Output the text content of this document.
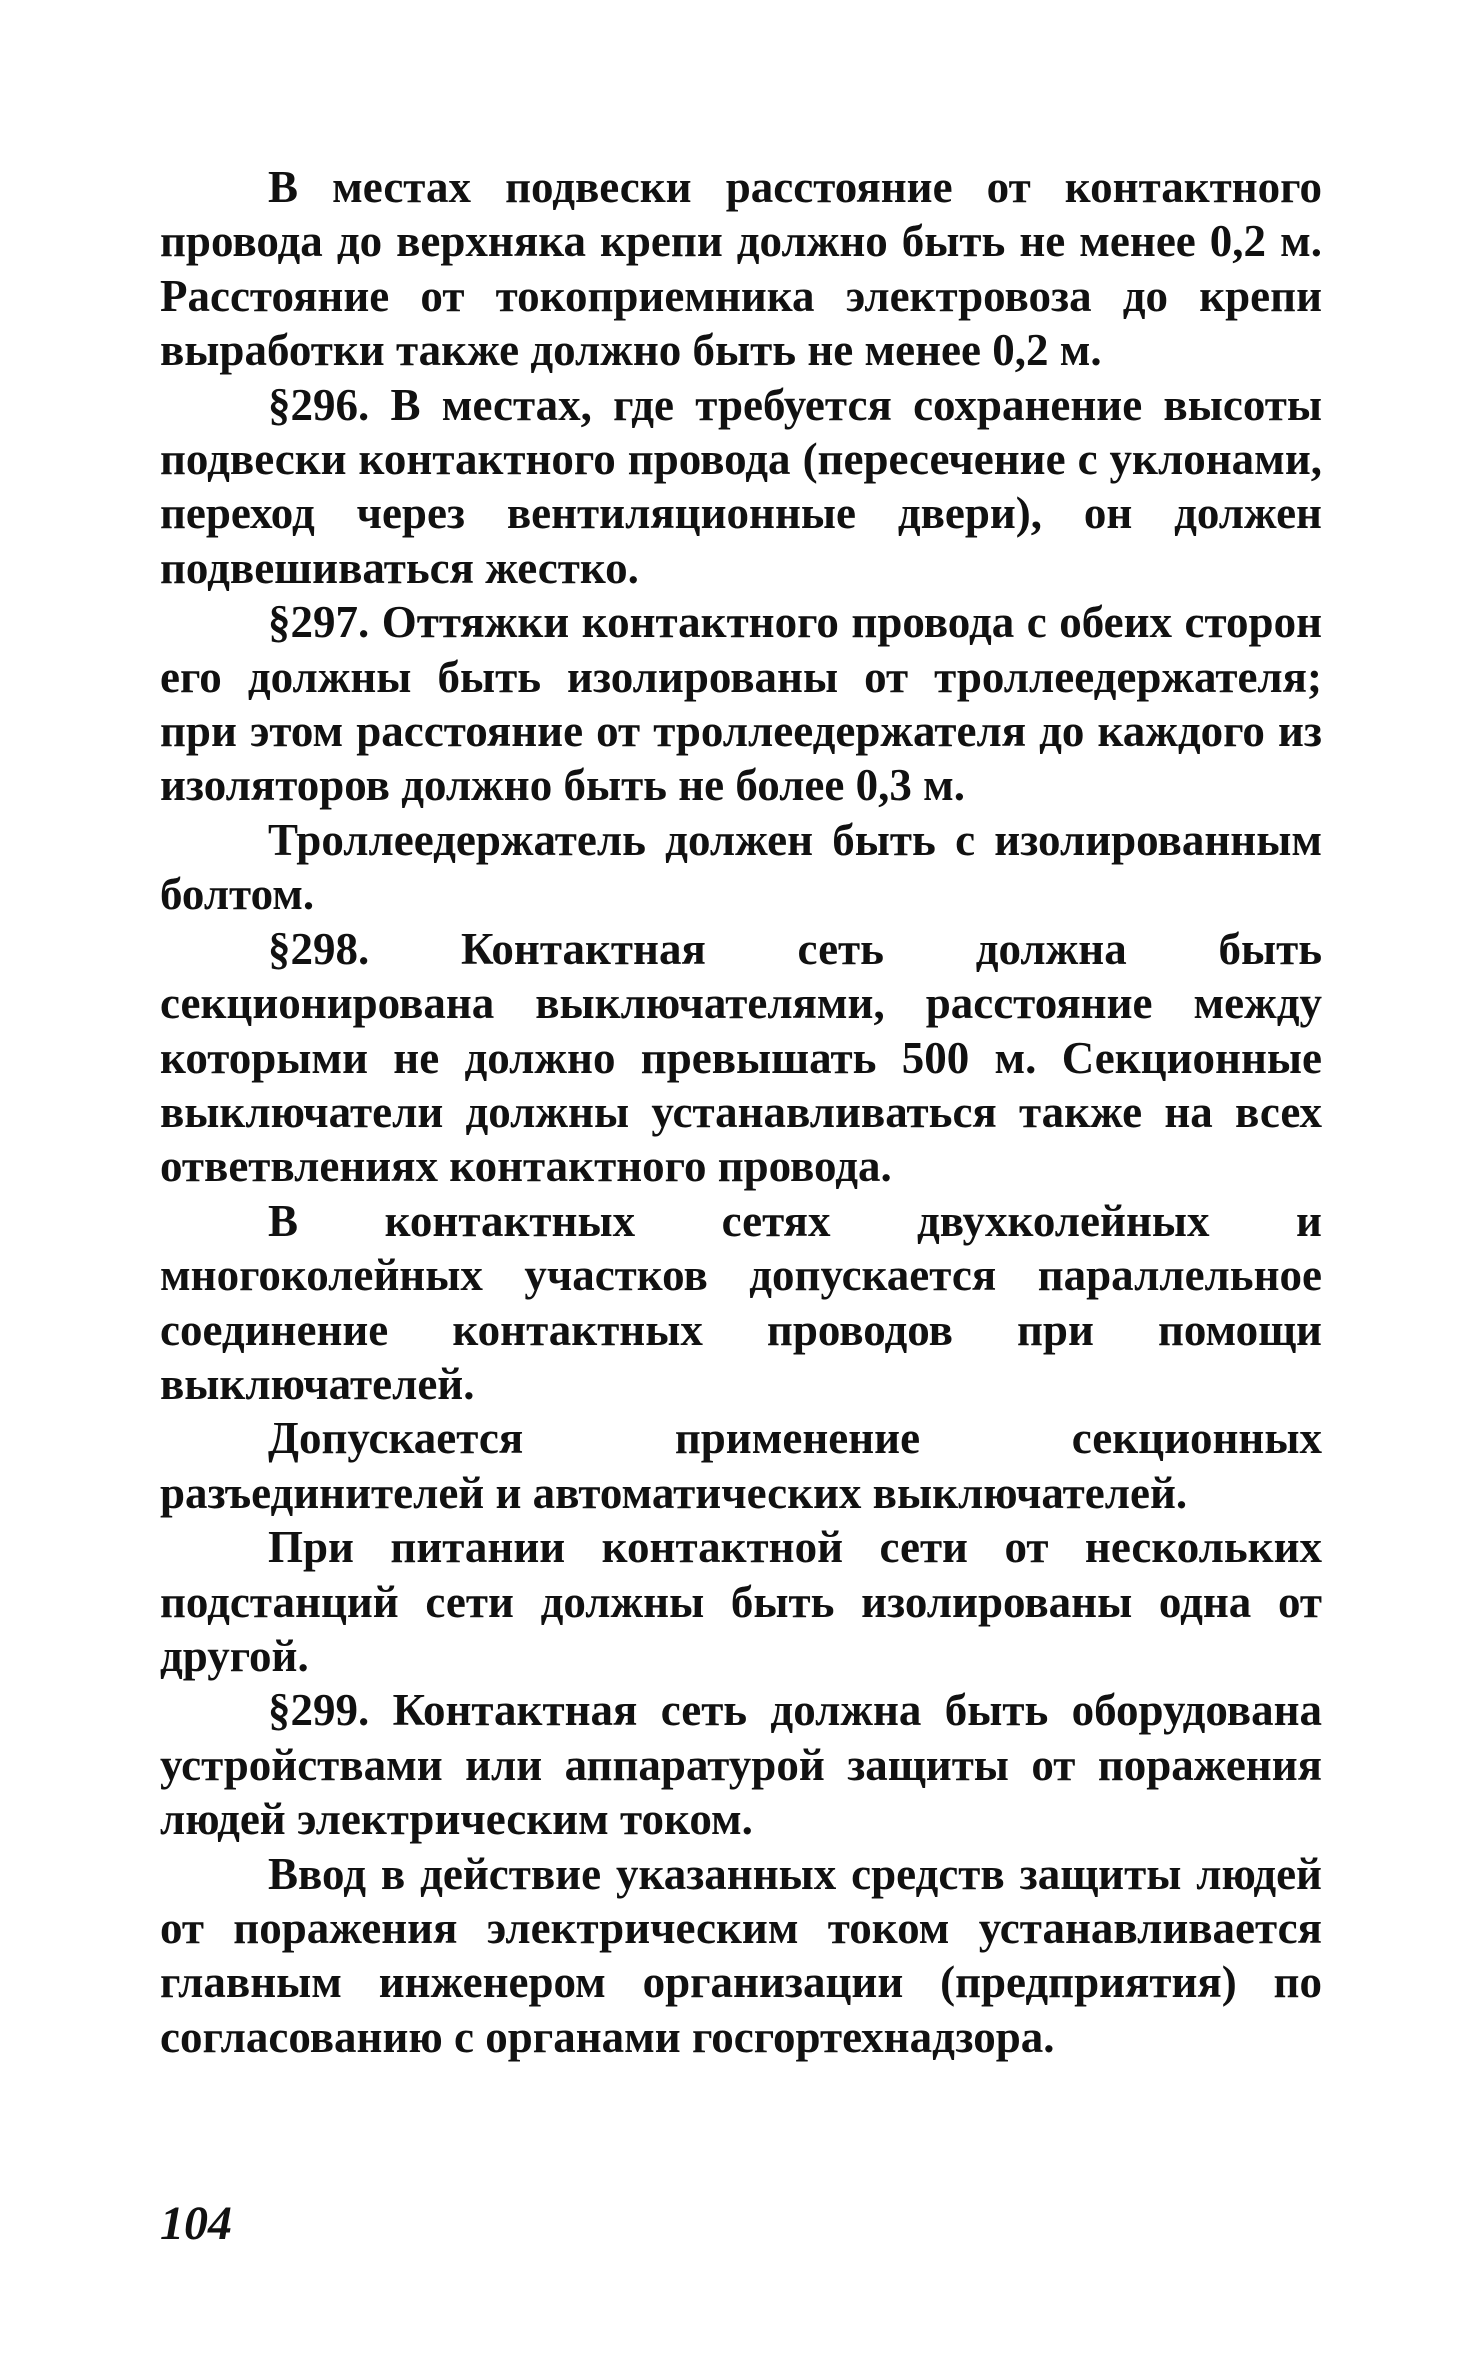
В местах подвески расстояние от контактного провода до верхняка крепи должно быть не менее 0,2 м. Расстояние от токоприемника электровоза до крепи выработки также должно быть не менее 0,2 м.

§296. В местах, где требуется сохранение высоты подвески контактного провода (пересечение с уклонами, переход через вентиляционные двери), он должен подвешиваться жестко.

§297. Оттяжки контактного провода с обеих сторон его должны быть изолированы от троллеедержателя; при этом расстояние от троллеедержателя до каждого из изоляторов должно быть не более 0,3 м.

Троллеедержатель должен быть с изолированным болтом.

§298. Контактная сеть должна быть секционирована выключателями, расстояние между которыми не должно превышать 500 м. Секционные выключатели должны устанавливаться также на всех ответвлениях контактного провода.

В контактных сетях двухколейных и многоколейных участков допускается параллельное соединение контактных проводов при помощи выключателей.

Допускается применение секционных разъединителей и автоматических выключателей.

При питании контактной сети от нескольких подстанций сети должны быть изолированы одна от другой.

§299. Контактная сеть должна быть оборудована устройствами или аппаратурой защиты от поражения людей электрическим током.

Ввод в действие указанных средств защиты людей от поражения электрическим током устанавливается главным инженером организации (предприятия) по согласованию с органами госгортехнадзора.

104
